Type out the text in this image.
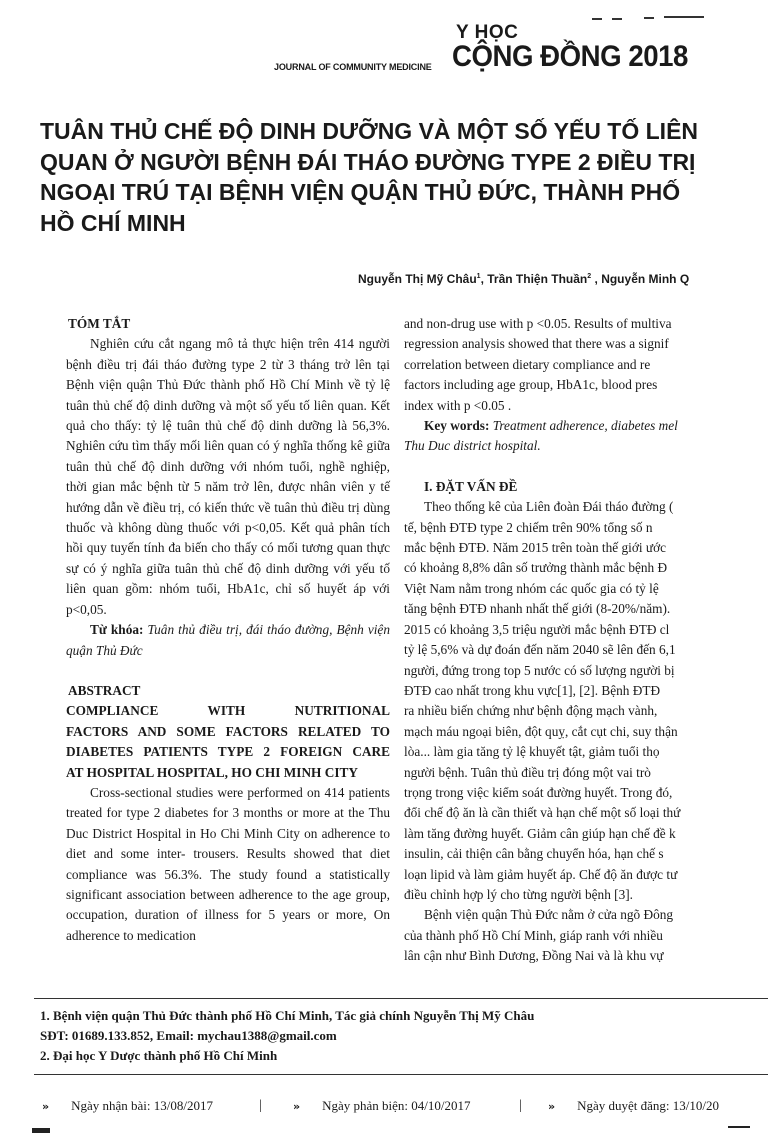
Y HỌC
CỘNG ĐỒNG 2018
JOURNAL OF COMMUNITY MEDICINE
TUÂN THỦ CHẾ ĐỘ DINH DƯỠNG VÀ MỘT SỐ YẾU TỐ LIÊN
QUAN Ở NGƯỜI BỆNH ĐÁI THÁO ĐƯỜNG TYPE 2 ĐIỀU TRỊ
NGOẠI TRÚ TẠI BỆNH VIỆN QUẬN THỦ ĐỨC, THÀNH PHỐ
HỒ CHÍ MINH
Nguyễn Thị Mỹ Châu$^1$, Trần Thiện Thuần$^2$ , Nguyễn Minh Q

TÓM TẮT

Nghiên cứu cắt ngang mô tả thực hiện trên 414 người bệnh điều trị đái tháo đường type 2 từ 3 tháng trở lên tại Bệnh viện quận Thủ Đức thành phố Hồ Chí Minh về tỷ lệ tuân thủ chế độ dinh dưỡng và một số yếu tố liên quan. Kết quả cho thấy: tỷ lệ tuân thủ chế độ dinh dưỡng là 56,3%. Nghiên cứu tìm thấy mối liên quan có ý nghĩa thống kê giữa tuân thủ chế độ dinh dưỡng với nhóm tuổi, nghề nghiệp, thời gian mắc bệnh từ 5 năm trở lên, được nhân viên y tế hướng dẫn về điều trị, có kiến thức về tuân thủ điều trị dùng thuốc và không dùng thuốc với p<0,05. Kết quả phân tích hồi quy tuyến tính đa biến cho thấy có mối tương quan thực sự có ý nghĩa giữa tuân thủ chế độ dinh dưỡng với yếu tố liên quan gồm: nhóm tuổi, HbA1c, chỉ số huyết áp với p<0,05.

Từ khóa: Tuân thủ điều trị, đái tháo đường, Bệnh viện quận Thủ Đức

ABSTRACT

COMPLIANCE WITH NUTRITIONAL
FACTORS AND SOME FACTORS RELATED TO
DIABETES PATIENTS TYPE 2 FOREIGN CARE
AT HOSPITAL HOSPITAL, HO CHI MINH CITY

Cross-sectional studies were performed on 414 patients treated for type 2 diabetes for 3 months or more at the Thu Duc District Hospital in Ho Chi Minh City on adherence to diet and some inter- trousers. Results showed that diet compliance was 56.3%. The study found a statistically significant association between adherence to the age group, occupation, duration of illness for 5 years or more, On adherence to medication

and non-drug use with p <0.05. Results of multiva
regression analysis showed that there was a signif
correlation between dietary compliance and re
factors including age group, HbA1c, blood pres
index with p <0.05 .
Key words: Treatment adherence, diabetes mel
Thu Duc district hospital.
I. ĐẶT VẤN ĐỀ
Theo thống kê của Liên đoàn Đái tháo đường (
tế, bệnh ĐTĐ type 2 chiếm trên 90% tổng số n
mắc bệnh ĐTĐ. Năm 2015 trên toàn thế giới ước
có khoảng 8,8% dân số trưởng thành mắc bệnh Đ
Việt Nam nằm trong nhóm các quốc gia có tỷ lệ
tăng bệnh ĐTĐ nhanh nhất thế giới (8-20%/năm).
2015 có khoảng 3,5 triệu người mắc bệnh ĐTĐ cl
tỷ lệ 5,6% và dự đoán đến năm 2040 sẽ lên đến 6,1
người, đứng trong top 5 nước có số lượng người bị
ĐTĐ cao nhất trong khu vực[1], [2]. Bệnh ĐTĐ
ra nhiều biến chứng như bệnh động mạch vành,
mạch máu ngoại biên, đột quỵ, cắt cụt chi, suy thận
lòa... làm gia tăng tỷ lệ khuyết tật, giảm tuổi thọ
người bệnh. Tuân thủ điều trị đóng một vai trò
trọng trong việc kiểm soát đường huyết. Trong đó,
đổi chế độ ăn là cần thiết và hạn chế một số loại thứ
làm tăng đường huyết. Giảm cân giúp hạn chế đề k
insulin, cải thiện cân bằng chuyển hóa, hạn chế s
loạn lipid và làm giảm huyết áp. Chế độ ăn được tư
điều chỉnh hợp lý cho từng người bệnh [3].
Bệnh viện quận Thủ Đức nằm ở cửa ngõ Đông
của thành phố Hồ Chí Minh, giáp ranh với nhiều
lân cận như Bình Dương, Đồng Nai và là khu vự
1. Bệnh viện quận Thủ Đức thành phố Hồ Chí Minh, Tác giả chính Nguyễn Thị Mỹ Châu
SĐT: 01689.133.852, Email: mychau1388@gmail.com
2. Đại học Y Dược thành phố Hồ Chí Minh
» Ngày nhận bài: 13/08/2017	|	» Ngày phản biện: 04/10/2017	| » Ngày duyệt đăng: 13/10/20
